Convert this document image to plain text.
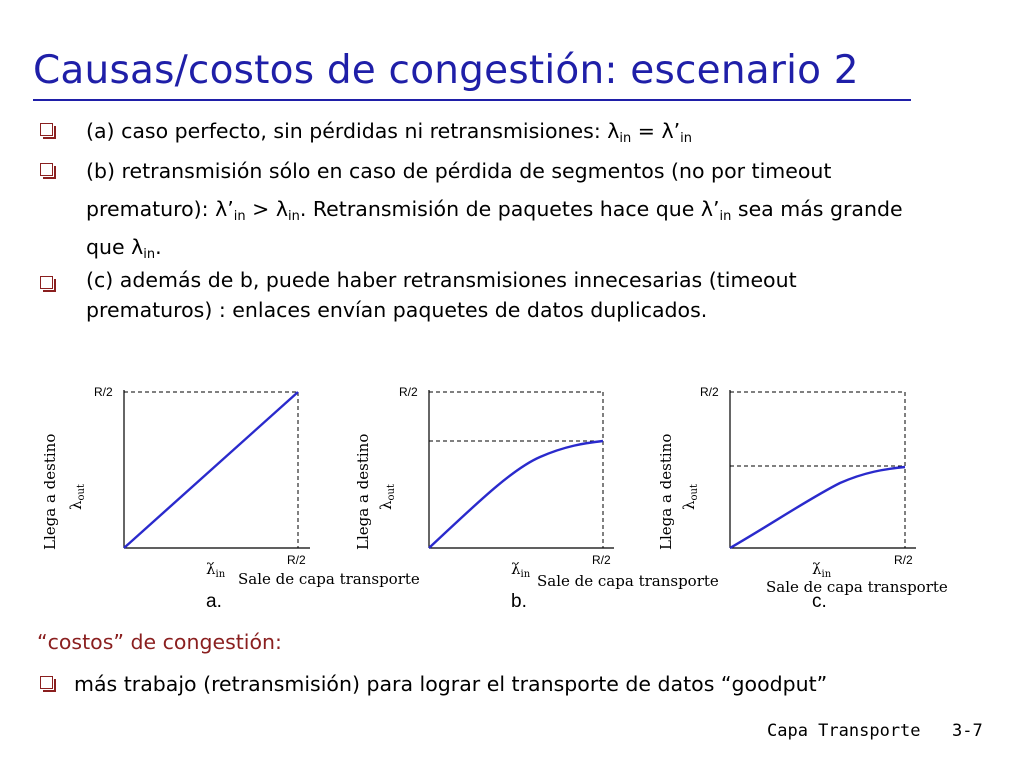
Causas/costos de congestión: escenario 2
(a) caso perfecto, sin pérdidas ni retransmisiones: $\lambda_{in}$ = $\lambda’_{in}$
(b) retransmisión sólo en caso de pérdida de segmentos (no por timeout
prematuro): $\lambda’_{in} > \lambda_{in}$. Retransmisión de paquetes hace que $\lambda’_{in}$ sea más grande
que $\lambda_{in}$.
(c) además de b, puede haber retransmisiones innecesarias (timeout
prematuros) : enlaces envían paquetes de datos duplicados.
R/2
R/2
Llega a destino $\lambda_{out}$
$\lambdá_{in}$ Sale de capa transporte
a.
R/2
R/2
Llega a destino $\lambda_{out}$
$\lambdá_{in}$ Sale de capa transporte
b.
R/2
R/2
Llega a destino $\lambda_{out}$
c.
$\lambdá_{in}$
Sale de capa transporte
“costos” de congestión:
más trabajo (retransmisión) para lograr el transporte de datos “goodput”
Capa Transporte 3-7
